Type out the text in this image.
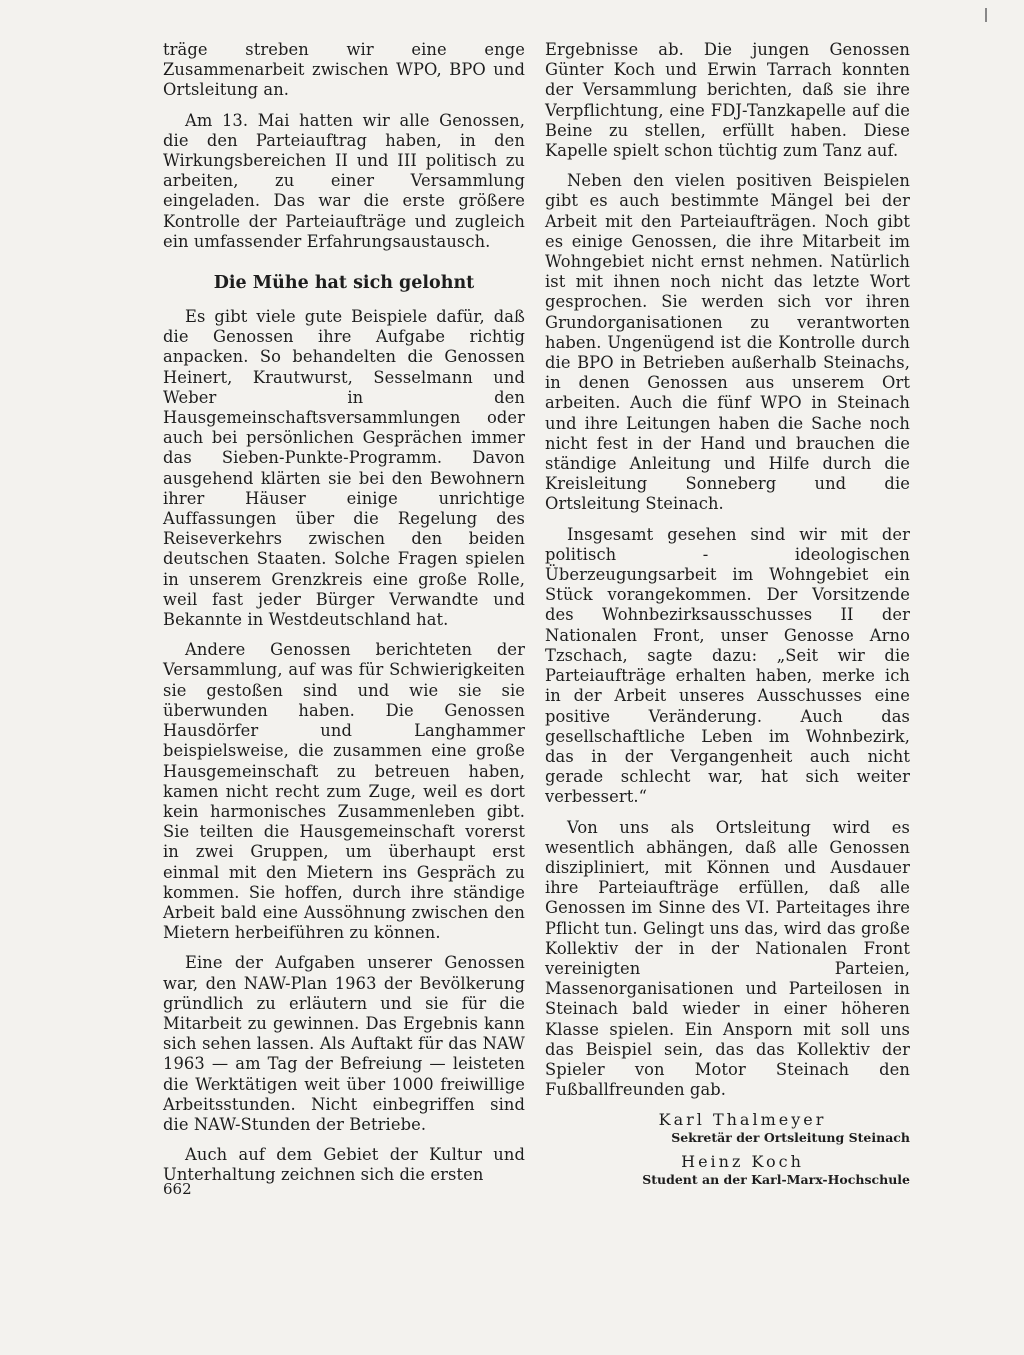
träge streben wir eine enge Zusammenarbeit zwischen WPO, BPO und Ortsleitung an.

Am 13. Mai hatten wir alle Genossen, die den Parteiauftrag haben, in den Wirkungsbereichen II und III politisch zu arbeiten, zu einer Versammlung eingeladen. Das war die erste größere Kontrolle der Parteiaufträge und zugleich ein umfassender Erfahrungsaustausch.

Die Mühe hat sich gelohnt

Es gibt viele gute Beispiele dafür, daß die Genossen ihre Aufgabe richtig anpacken. So behandelten die Genossen Heinert, Krautwurst, Sesselmann und Weber in den Hausgemeinschaftsversammlungen oder auch bei persönlichen Gesprächen immer das Sieben-Punkte-Programm. Davon ausgehend klärten sie bei den Bewohnern ihrer Häuser einige unrichtige Auffassungen über die Regelung des Reiseverkehrs zwischen den beiden deutschen Staaten. Solche Fragen spielen in unserem Grenzkreis eine große Rolle, weil fast jeder Bürger Verwandte und Bekannte in Westdeutschland hat.

Andere Genossen berichteten der Versammlung, auf was für Schwierigkeiten sie gestoßen sind und wie sie sie überwunden haben. Die Genossen Hausdörfer und Langhammer beispielsweise, die zusammen eine große Hausgemeinschaft zu betreuen haben, kamen nicht recht zum Zuge, weil es dort kein harmonisches Zusammenleben gibt. Sie teilten die Hausgemeinschaft vorerst in zwei Gruppen, um überhaupt erst einmal mit den Mietern ins Gespräch zu kommen. Sie hoffen, durch ihre ständige Arbeit bald eine Aussöhnung zwischen den Mietern herbeiführen zu können.

Eine der Aufgaben unserer Genossen war, den NAW-Plan 1963 der Bevölkerung gründlich zu erläutern und sie für die Mitarbeit zu gewinnen. Das Ergebnis kann sich sehen lassen. Als Auftakt für das NAW 1963 — am Tag der Befreiung — leisteten die Werktätigen weit über 1000 freiwillige Arbeitsstunden. Nicht einbegriffen sind die NAW-Stunden der Betriebe.

Auch auf dem Gebiet der Kultur und Unterhaltung zeichnen sich die ersten

Ergebnisse ab. Die jungen Genossen Günter Koch und Erwin Tarrach konnten der Versammlung berichten, daß sie ihre Verpflichtung, eine FDJ-Tanzkapelle auf die Beine zu stellen, erfüllt haben. Diese Kapelle spielt schon tüchtig zum Tanz auf.

Neben den vielen positiven Beispielen gibt es auch bestimmte Mängel bei der Arbeit mit den Parteiaufträgen. Noch gibt es einige Genossen, die ihre Mitarbeit im Wohngebiet nicht ernst nehmen. Natürlich ist mit ihnen noch nicht das letzte Wort gesprochen. Sie werden sich vor ihren Grundorganisationen zu verantworten haben. Ungenügend ist die Kontrolle durch die BPO in Betrieben außerhalb Steinachs, in denen Genossen aus unserem Ort arbeiten. Auch die fünf WPO in Steinach und ihre Leitungen haben die Sache noch nicht fest in der Hand und brauchen die ständige Anleitung und Hilfe durch die Kreisleitung Sonneberg und die Ortsleitung Steinach.

Insgesamt gesehen sind wir mit der politisch - ideologischen Überzeugungsarbeit im Wohngebiet ein Stück vorangekommen. Der Vorsitzende des Wohnbezirksausschusses II der Nationalen Front, unser Genosse Arno Tzschach, sagte dazu: „Seit wir die Parteiaufträge erhalten haben, merke ich in der Arbeit unseres Ausschusses eine positive Veränderung. Auch das gesellschaftliche Leben im Wohnbezirk, das in der Vergangenheit auch nicht gerade schlecht war, hat sich weiter verbessert.“

Von uns als Ortsleitung wird es wesentlich abhängen, daß alle Genossen diszipliniert, mit Können und Ausdauer ihre Parteiaufträge erfüllen, daß alle Genossen im Sinne des VI. Parteitages ihre Pflicht tun. Gelingt uns das, wird das große Kollektiv der in der Nationalen Front vereinigten Parteien, Massenorganisationen und Parteilosen in Steinach bald wieder in einer höheren Klasse spielen. Ein Ansporn mit soll uns das Beispiel sein, das das Kollektiv der Spieler von Motor Steinach den Fußballfreunden gab.

Karl Thalmeyer
Sekretär der Ortsleitung Steinach
Heinz Koch
Student an der Karl-Marx-Hochschule
662
